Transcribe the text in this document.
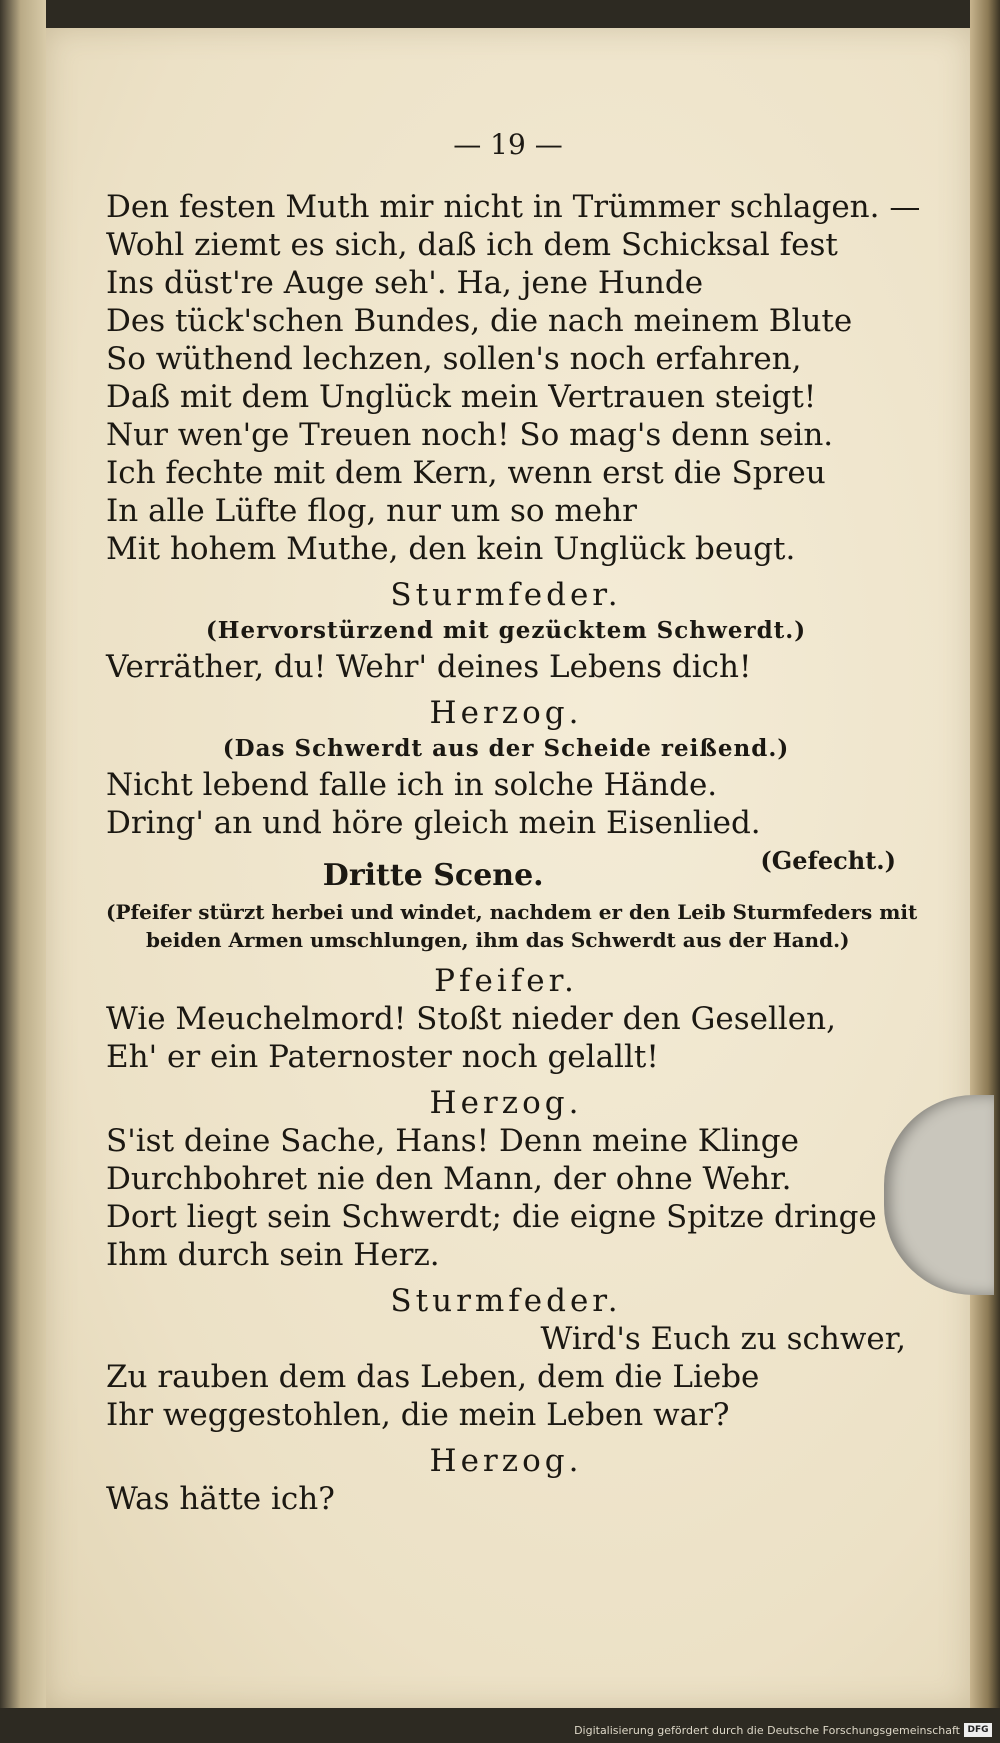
— 19 —
Den festen Muth mir nicht in Trümmer schlagen. —
Wohl ziemt es sich, daß ich dem Schicksal fest
Ins düst're Auge seh'. Ha, jene Hunde
Des tück'schen Bundes, die nach meinem Blute
So wüthend lechzen, sollen's noch erfahren,
Daß mit dem Unglück mein Vertrauen steigt!
Nur wen'ge Treuen noch! So mag's denn sein.
Ich fechte mit dem Kern, wenn erst die Spreu
In alle Lüfte flog, nur um so mehr
Mit hohem Muthe, den kein Unglück beugt.
Sturmfeder.
(Hervorstürzend mit gezücktem Schwerdt.)
Verräther, du! Wehr' deines Lebens dich!
Herzog.
(Das Schwerdt aus der Scheide reißend.)
Nicht lebend falle ich in solche Hände.
Dring' an und höre gleich mein Eisenlied.
(Gefecht.)
Dritte Scene.
(Pfeifer stürzt herbei und windet, nachdem er den Leib Sturmfeders mit
beiden Armen umschlungen, ihm das Schwerdt aus der Hand.)
Pfeifer.
Wie Meuchelmord! Stoßt nieder den Gesellen,
Eh' er ein Paternoster noch gelallt!
Herzog.
S'ist deine Sache, Hans! Denn meine Klinge
Durchbohret nie den Mann, der ohne Wehr.
Dort liegt sein Schwerdt; die eigne Spitze dringe
Ihm durch sein Herz.
Sturmfeder.
Wird's Euch zu schwer,
Zu rauben dem das Leben, dem die Liebe
Ihr weggestohlen, die mein Leben war?
Herzog.
Was hätte ich?
Digitalisierung gefördert durch die Deutsche Forschungsgemeinschaft DFG
